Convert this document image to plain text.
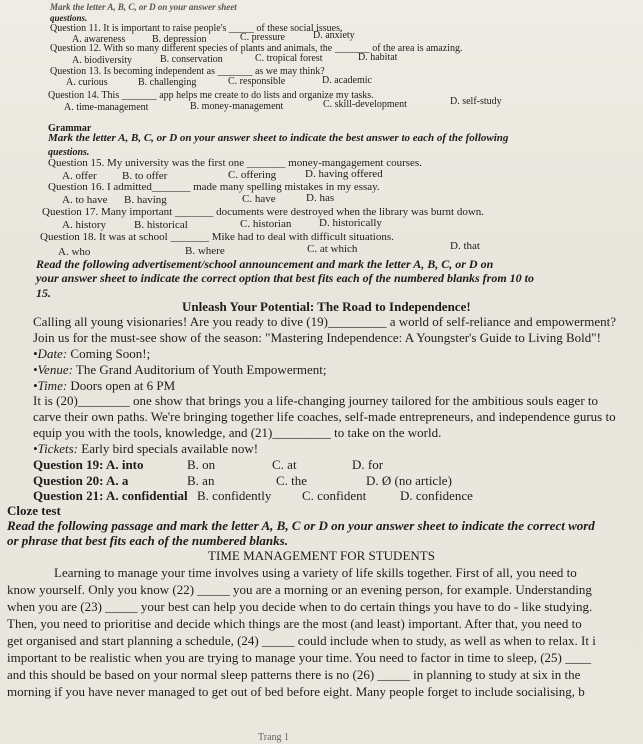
Mark the letter A, B, C, or D on your answer sheet
questions.
Question 11. It is important to raise people's _____ of these social issues.
A. awareness	B. depression	C. pressure	D. anxiety
Question 12. With so many different species of plants and animals, the _______ of the area is amazing.
A. biodiversity	B. conservation	C. tropical forest	D. habitat
Question 13. Is becoming independent as _______ as we may think?
A. curious	B. challenging	C. responsible	D. academic
Question 14. This _______ app helps me create to do lists and organize my tasks.
A. time-management	B. money-management	C. skill-development	D. self-study
Grammar
Mark the letter A, B, C, or D on your answer sheet to indicate the best answer to each of the following
questions.
Question 15. My university was the first one _______ money-mangagement courses.
A. offer B. to offer	C. offering	D. having offered
Question 16. I admitted_______ made many spelling mistakes in my essay.
A. to have B. having	C. have	D. has
Question 17. Many important _______ documents were destroyed when the library was burnt down.
A. history	B. historical	C. historian	D. historically
Question 18. It was at school _______ Mike had to deal with difficult situations.
A. who	B. where	C. at which	D. that
Read the following advertisement/school announcement and mark the letter A, B, C, or D on
your answer sheet to indicate the correct option that best fits each of the numbered blanks from 10 to
15.
Unleash Your Potential: The Road to Independence!
Calling all young visionaries! Are you ready to dive (19)_________ a world of self-reliance and empowerment?
Join us for the must-see show of the season: "Mastering Independence: A Youngster's Guide to Living Bold"!
•Date: Coming Soon!;
•Venue: The Grand Auditorium of Youth Empowerment;
•Time: Doors open at 6 PM
It is (20)________ one show that brings you a life-changing journey tailored for the ambitious souls eager to
carve their own paths. We're bringing together life coaches, self-made entrepreneurs, and independence gurus to
equip you with the tools, knowledge, and (21)_________ to take on the world.
•Tickets: Early bird specials available now!
Question 19: A. into	B. on	C. at	D. for
Question 20: A. a	B. an	C. the	D. Ø (no article)
Question 21: A. confidential B. confidently C. confident	D. confidence
Cloze test
Read the following passage and mark the letter A, B, C or D on your answer sheet to indicate the correct word
or phrase that best fits each of the numbered blanks.
TIME MANAGEMENT FOR STUDENTS
Learning to manage your time involves using a variety of life skills together. First of all, you need to
know yourself. Only you know (22) _____ you are a morning or an evening person, for example. Understanding
when you are (23) _____ your best can help you decide when to do certain things you have to do - like studying.
Then, you need to prioritise and decide which things are the most (and least) important. After that, you need to
get organised and start planning a schedule, (24) _____ could include when to study, as well as when to relax. It i
important to be realistic when you are trying to manage your time. You need to factor in time to sleep, (25) ____
and this should be based on your normal sleep patterns there is no (26) _____ in planning to study at six in the
morning if you have never managed to get out of bed before eight. Many people forget to include socialising, b
Trang 1
